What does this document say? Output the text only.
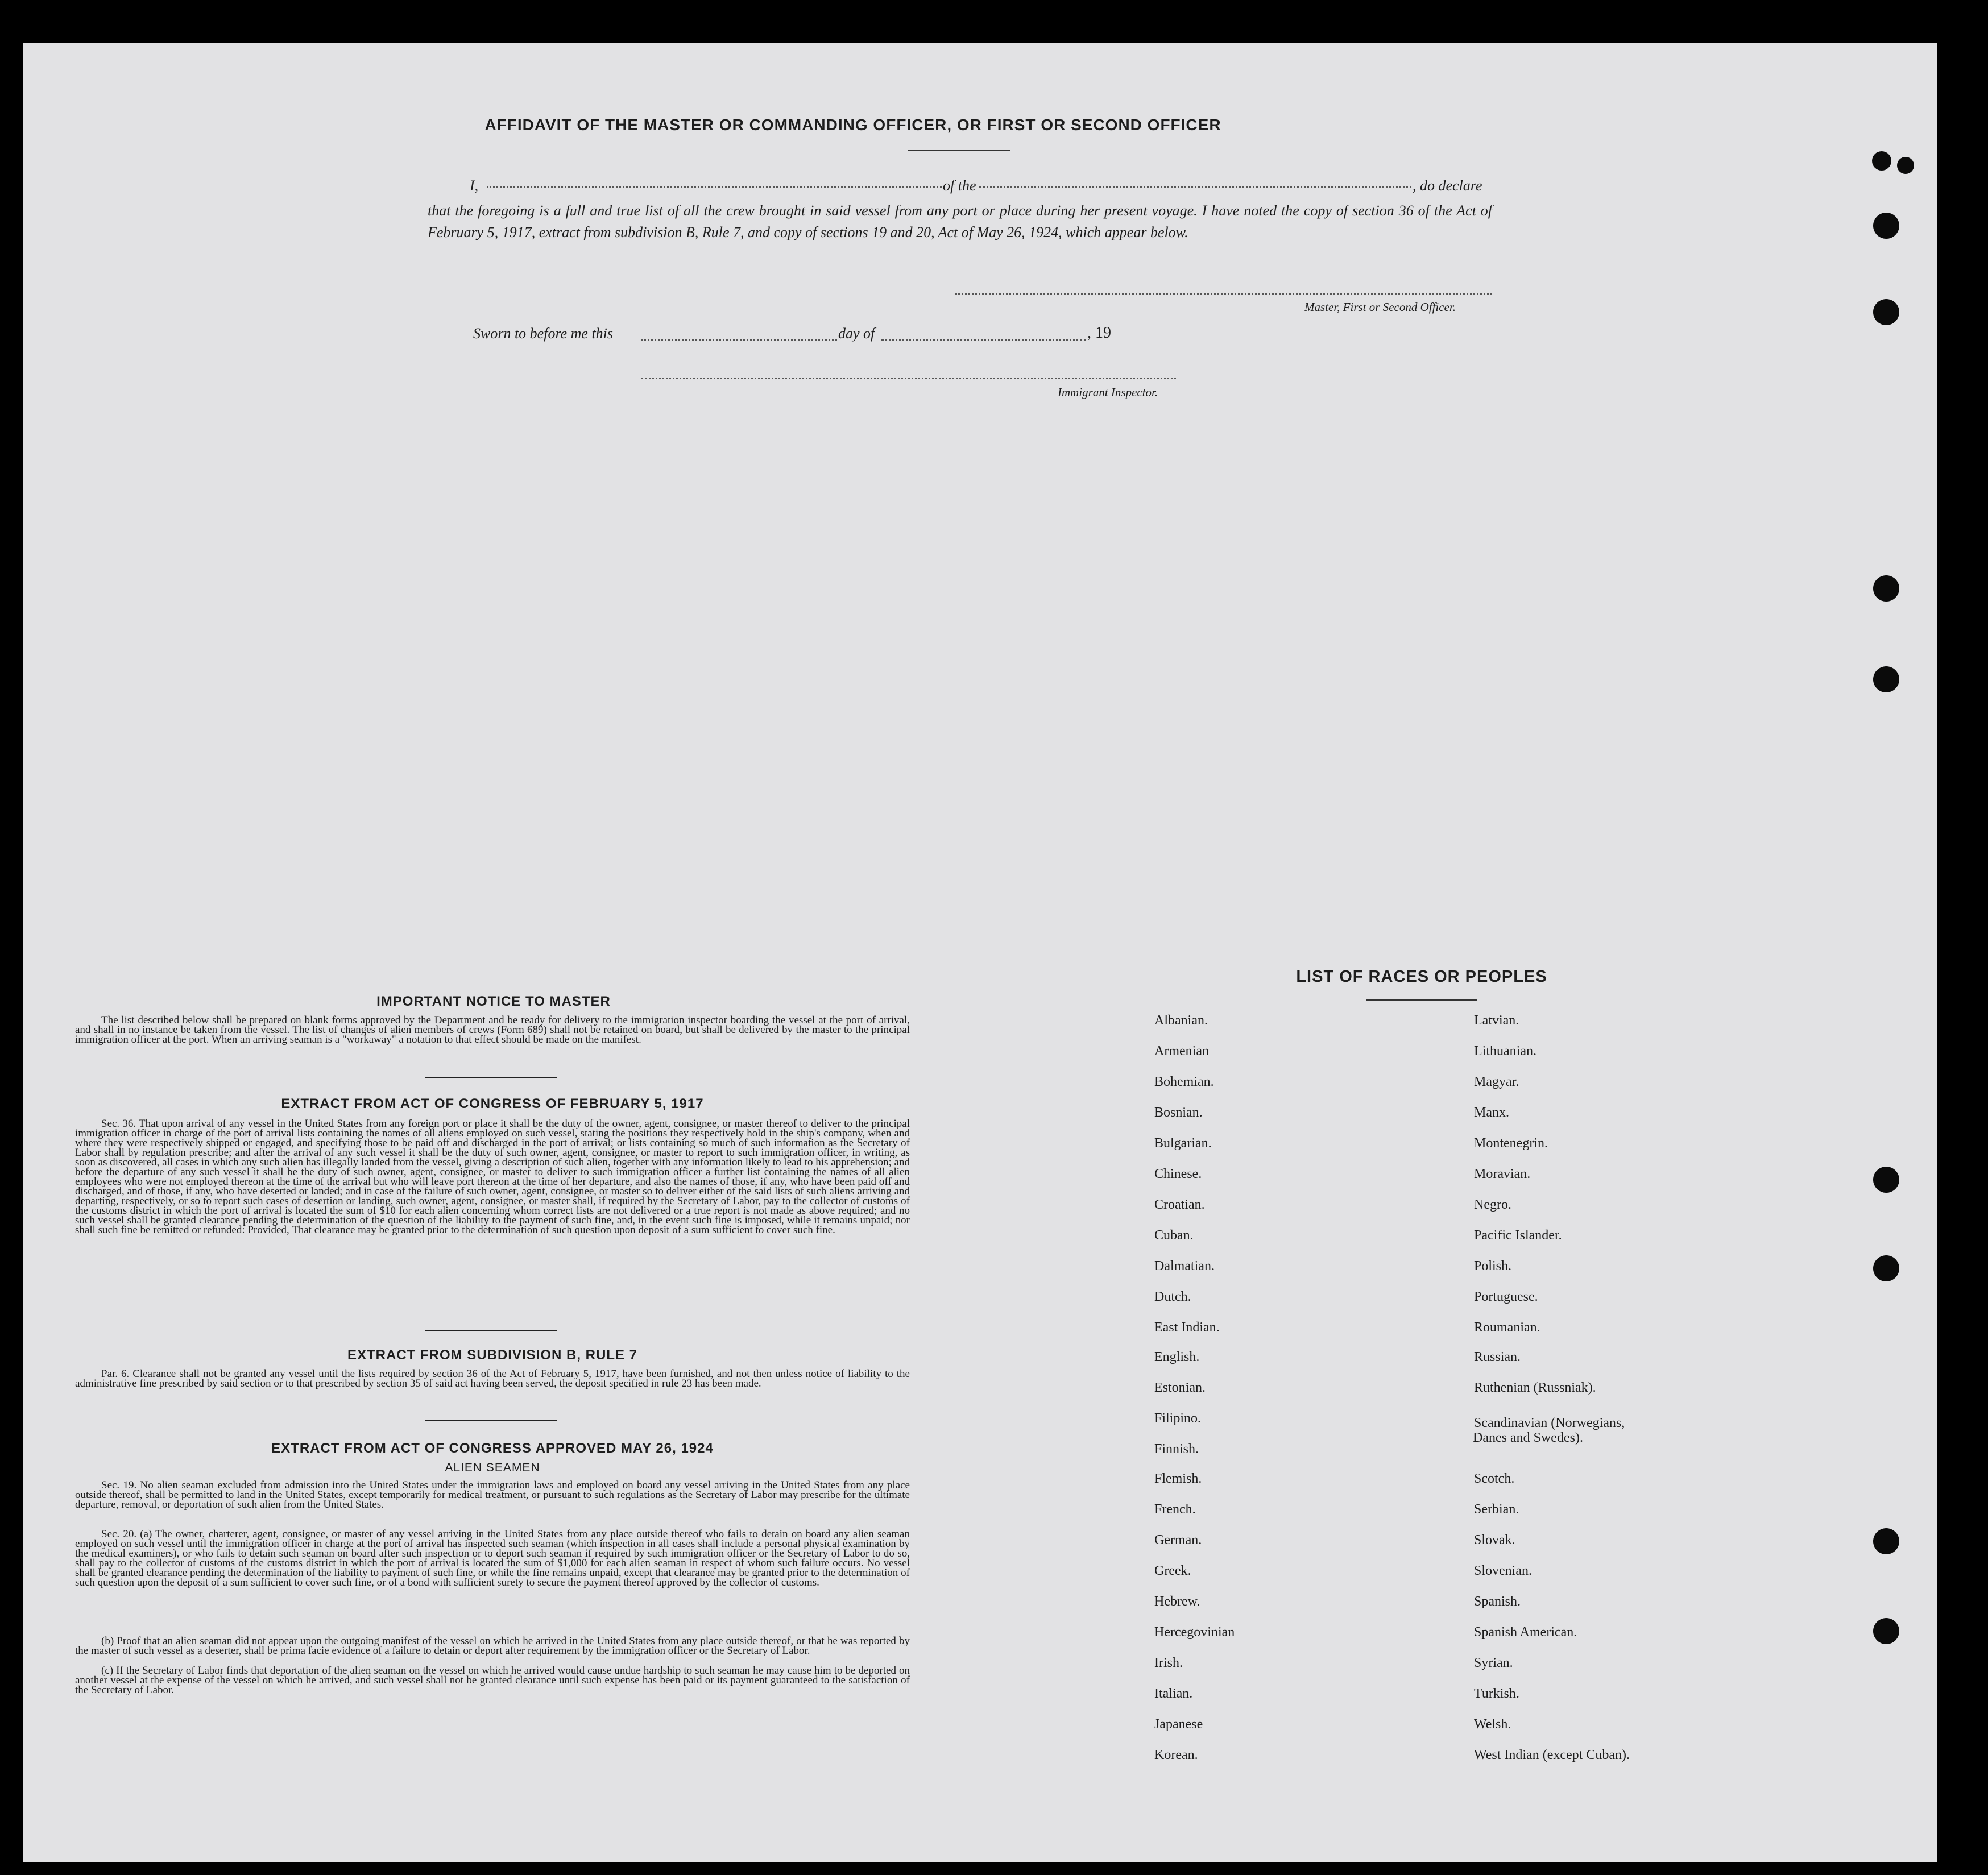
AFFIDAVIT OF THE MASTER OR COMMANDING OFFICER, OR FIRST OR SECOND OFFICER
I,	of the	, do declare
that the foregoing is a full and true list of all the crew brought in said vessel from any port or place during her present voyage. I have noted the copy of section 36 of the Act of February 5, 1917, extract from subdivision B, Rule 7, and copy of sections 19 and 20, Act of May 26, 1924, which appear below.
Master, First or Second Officer.
Sworn to before me this	day of	, 19
Immigrant Inspector.
IMPORTANT NOTICE TO MASTER
The list described below shall be prepared on blank forms approved by the Department and be ready for delivery to the immigration inspector boarding the vessel at the port of arrival, and shall in no instance be taken from the vessel. The list of changes of alien members of crews (Form 689) shall not be retained on board, but shall be delivered by the master to the principal immigration officer at the port. When an arriving seaman is a "workaway" a notation to that effect should be made on the manifest.
EXTRACT FROM ACT OF CONGRESS OF FEBRUARY 5, 1917
Sec. 36. That upon arrival of any vessel in the United States from any foreign port or place it shall be the duty of the owner, agent, consignee, or master thereof to deliver to the principal immigration officer in charge of the port of arrival lists containing the names of all aliens employed on such vessel, stating the positions they respectively hold in the ship's company, when and where they were respectively shipped or engaged, and specifying those to be paid off and discharged in the port of arrival; or lists containing so much of such information as the Secretary of Labor shall by regulation prescribe; and after the arrival of any such vessel it shall be the duty of such owner, agent, consignee, or master to report to such immigration officer, in writing, as soon as discovered, all cases in which any such alien has illegally landed from the vessel, giving a description of such alien, together with any information likely to lead to his apprehension; and before the departure of any such vessel it shall be the duty of such owner, agent, consignee, or master to deliver to such immigration officer a further list containing the names of all alien employees who were not employed thereon at the time of the arrival but who will leave port thereon at the time of her departure, and also the names of those, if any, who have been paid off and discharged, and of those, if any, who have deserted or landed; and in case of the failure of such owner, agent, consignee, or master so to deliver either of the said lists of such aliens arriving and departing, respectively, or so to report such cases of desertion or landing, such owner, agent, consignee, or master shall, if required by the Secretary of Labor, pay to the collector of customs of the customs district in which the port of arrival is located the sum of $10 for each alien concerning whom correct lists are not delivered or a true report is not made as above required; and no such vessel shall be granted clearance pending the determination of the question of the liability to the payment of such fine, and, in the event such fine is imposed, while it remains unpaid; nor shall such fine be remitted or refunded: Provided, That clearance may be granted prior to the determination of such question upon deposit of a sum sufficient to cover such fine.
EXTRACT FROM SUBDIVISION B, RULE 7
Par. 6. Clearance shall not be granted any vessel until the lists required by section 36 of the Act of February 5, 1917, have been furnished, and not then unless notice of liability to the administrative fine prescribed by said section or to that prescribed by section 35 of said act having been served, the deposit specified in rule 23 has been made.
EXTRACT FROM ACT OF CONGRESS APPROVED MAY 26, 1924
ALIEN SEAMEN
Sec. 19. No alien seaman excluded from admission into the United States under the immigration laws and employed on board any vessel arriving in the United States from any place outside thereof, shall be permitted to land in the United States, except temporarily for medical treatment, or pursuant to such regulations as the Secretary of Labor may prescribe for the ultimate departure, removal, or deportation of such alien from the United States.
Sec. 20. (a) The owner, charterer, agent, consignee, or master of any vessel arriving in the United States from any place outside thereof who fails to detain on board any alien seaman employed on such vessel until the immigration officer in charge at the port of arrival has inspected such seaman (which inspection in all cases shall include a personal physical examination by the medical examiners), or who fails to detain such seaman on board after such inspection or to deport such seaman if required by such immigration officer or the Secretary of Labor to do so, shall pay to the collector of customs of the customs district in which the port of arrival is located the sum of $1,000 for each alien seaman in respect of whom such failure occurs. No vessel shall be granted clearance pending the determination of the liability to payment of such fine, or while the fine remains unpaid, except that clearance may be granted prior to the determination of such question upon the deposit of a sum sufficient to cover such fine, or of a bond with sufficient surety to secure the payment thereof approved by the collector of customs.
(b) Proof that an alien seaman did not appear upon the outgoing manifest of the vessel on which he arrived in the United States from any place outside thereof, or that he was reported by the master of such vessel as a deserter, shall be prima facie evidence of a failure to detain or deport after requirement by the immigration officer or the Secretary of Labor.
(c) If the Secretary of Labor finds that deportation of the alien seaman on the vessel on which he arrived would cause undue hardship to such seaman he may cause him to be deported on another vessel at the expense of the vessel on which he arrived, and such vessel shall not be granted clearance until such expense has been paid or its payment guaranteed to the satisfaction of the Secretary of Labor.
LIST OF RACES OR PEOPLES
Albanian.
Armenian
Bohemian.
Bosnian.
Bulgarian.
Chinese.
Croatian.
Cuban.
Dalmatian.
Dutch.
East Indian.
English.
Estonian.
Filipino.
Finnish.
Flemish.
French.
German.
Greek.
Hebrew.
Hercegovinian
Irish.
Italian.
Japanese
Korean.
Latvian.
Lithuanian.
Magyar.
Manx.
Montenegrin.
Moravian.
Negro.
Pacific Islander.
Polish.
Portuguese.
Roumanian.
Russian.
Ruthenian (Russniak).
Scandinavian (Norwegians,
Danes and Swedes).
Scotch.
Serbian.
Slovak.
Slovenian.
Spanish.
Spanish American.
Syrian.
Turkish.
Welsh.
West Indian (except Cuban).
